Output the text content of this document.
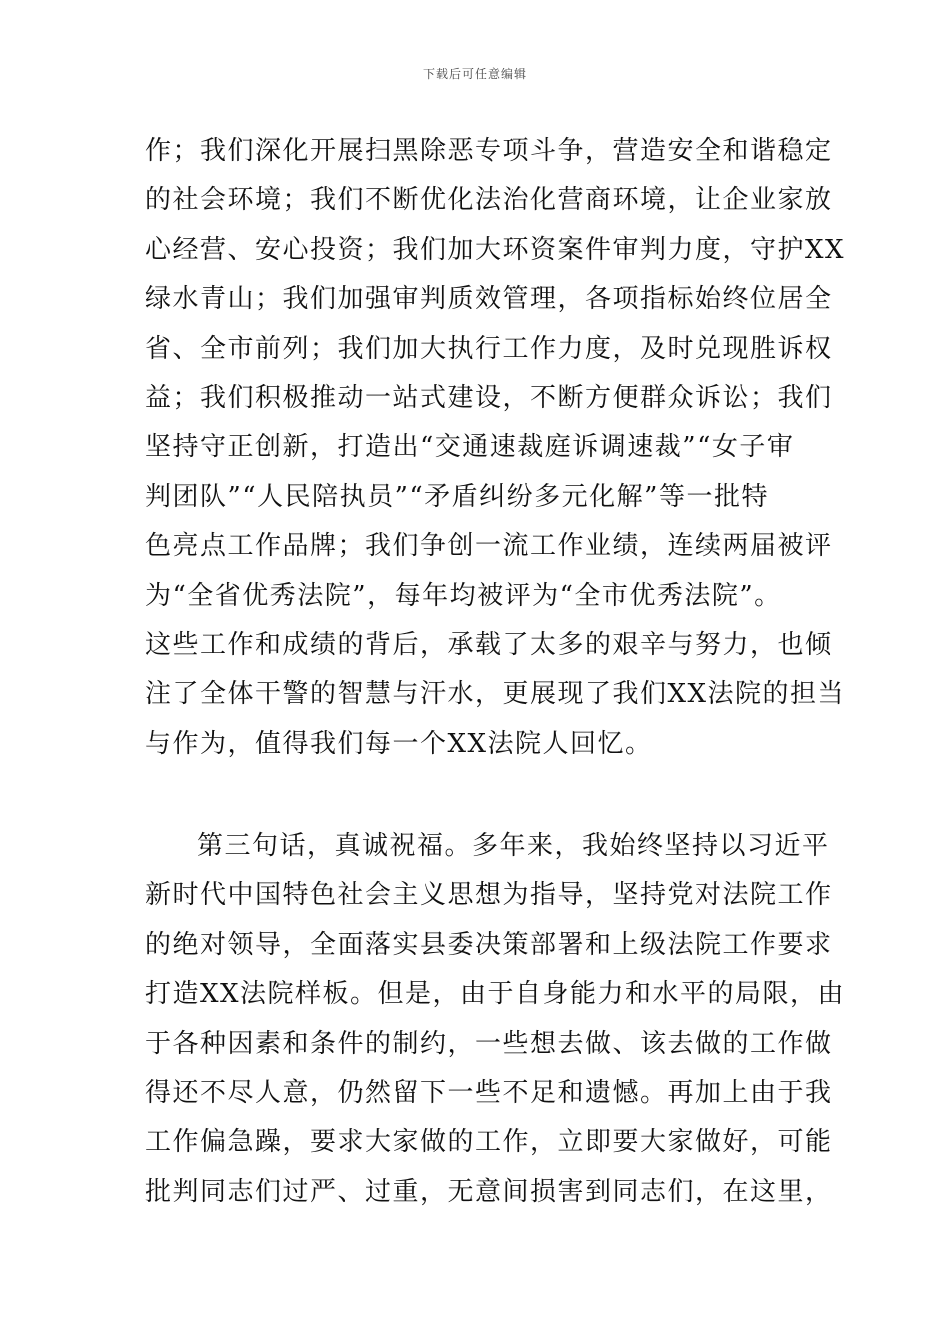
下载后可任意编辑
作；我们深化开展扫黑除恶专项斗争，营造安全和谐稳定
的社会环境；我们不断优化法治化营商环境，让企业家放
心经营、安心投资；我们加大环资案件审判力度，守护XX
绿水青山；我们加强审判质效管理，各项指标始终位居全
省、全市前列；我们加大执行工作力度，及时兑现胜诉权
益；我们积极推动一站式建设，不断方便群众诉讼；我们
坚持守正创新，打造出“交通速裁庭诉调速裁”“女子审
判团队”“人民陪执员”“矛盾纠纷多元化解”等一批特
色亮点工作品牌；我们争创一流工作业绩，连续两届被评
为“全省优秀法院”，每年均被评为“全市优秀法院”。
这些工作和成绩的背后，承载了太多的艰辛与努力，也倾
注了全体干警的智慧与汗水，更展现了我们XX法院的担当
与作为，值得我们每一个XX法院人回忆。
第三句话，真诚祝福。多年来，我始终坚持以习近平
新时代中国特色社会主义思想为指导，坚持党对法院工作
的绝对领导，全面落实县委决策部署和上级法院工作要求
打造XX法院样板。但是，由于自身能力和水平的局限，由
于各种因素和条件的制约，一些想去做、该去做的工作做
得还不尽人意，仍然留下一些不足和遗憾。再加上由于我
工作偏急躁，要求大家做的工作，立即要大家做好，可能
批判同志们过严、过重，无意间损害到同志们，在这里，
